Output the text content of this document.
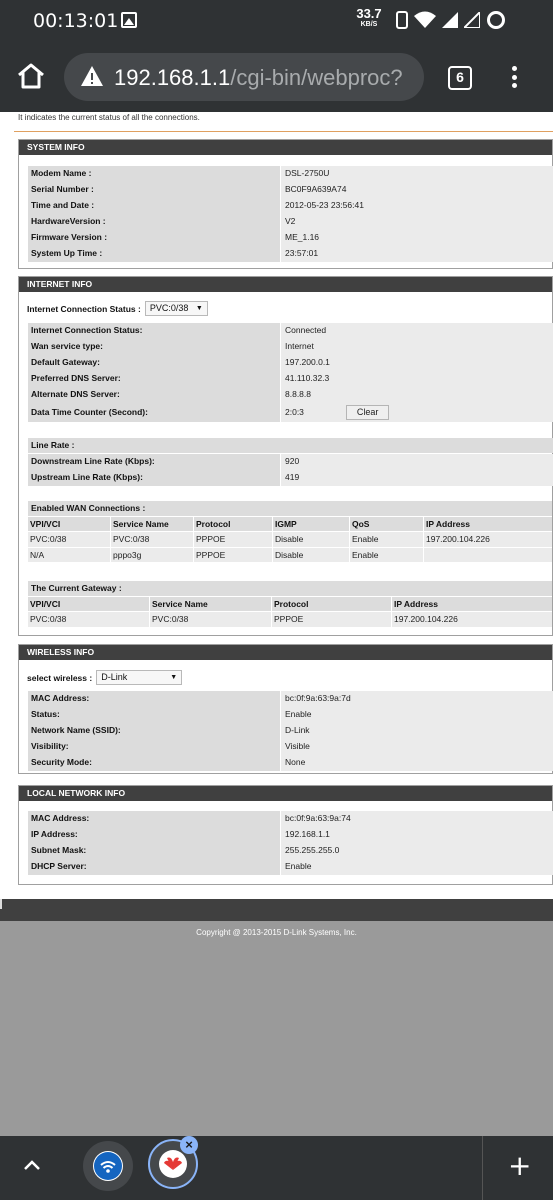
00:13:01	33.7
KB/S
192.168.1.1/cgi-bin/webproc?	6
It indicates the current status of all the connections.
SYSTEM INFO
Modem Name :	DSL-2750U
Serial Number :	BC0F9A639A74
Time and Date :	2012-05-23 23:56:41
HardwareVersion :	V2
Firmware Version :	ME_1.16
System Up Time :	23:57:01
INTERNET INFO
Internet Connection Status : PVC:0/38 ▼
Internet Connection Status:	Connected
Wan service type:	Internet
Default Gateway:	197.200.0.1
Preferred DNS Server:	41.110.32.3
Alternate DNS Server:	8.8.8.8
Data Time Counter (Second):	2:0:3	Clear
Line Rate :
Downstream Line Rate (Kbps):	920
Upstream Line Rate (Kbps):	419
Enabled WAN Connections :
VPI/VCI	Service Name	Protocol	IGMP	QoS	IP Address
PVC:0/38	PVC:0/38	PPPOE	Disable	Enable	197.200.104.226
N/A	pppo3g	PPPOE	Disable	Enable	
The Current Gateway :
VPI/VCI	Service Name	Protocol	IP Address
PVC:0/38	PVC:0/38	PPPOE	197.200.104.226
WIRELESS INFO
select wireless : D-Link	▼
MAC Address:	bc:0f:9a:63:9a:7d
Status:	Enable
Network Name (SSID):	D-Link
Visibility:	Visible
Security Mode:	None
LOCAL NETWORK INFO
MAC Address:	bc:0f:9a:63:9a:74
IP Address:	192.168.1.1
Subnet Mask:	255.255.255.0
DHCP Server:	Enable
Copyright @ 2013-2015 D-Link Systems, Inc.
×
+
